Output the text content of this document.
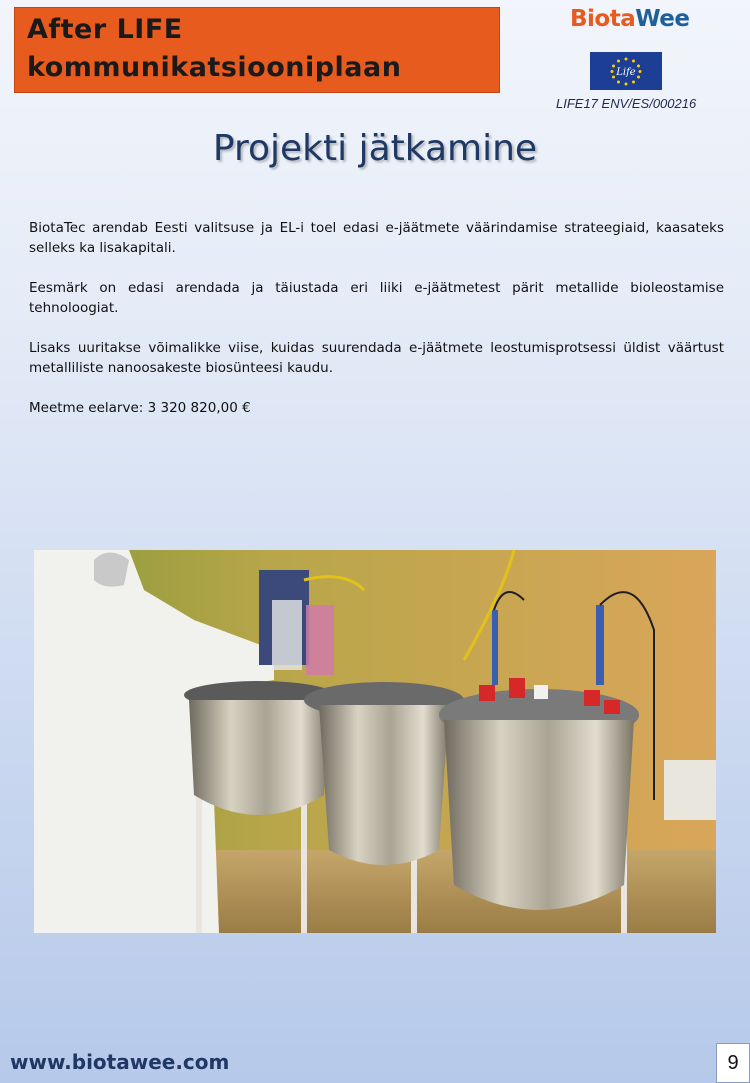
After LIFE
kommunikatsiooniplaan
BiotaWee
Life
LIFE17 ENV/ES/000216
Projekti jätkamine

BiotaTec arendab Eesti valitsuse ja EL-i toel edasi e-jäätmete väärindamise strateegiaid, kaasateks selleks ka lisakapitali.

Eesmärk on edasi arendada ja täiustada eri liiki e-jäätmetest pärit metallide bioleostamise tehnoloogiat.

Lisaks uuritakse võimalikke viise, kuidas suurendada e-jäätmete leostumisprotsessi üldist väärtust metalliliste nanoosakeste biosünteesi kaudu.

Meetme eelarve: 3 320 820,00 €

www.biotawee.com	9
